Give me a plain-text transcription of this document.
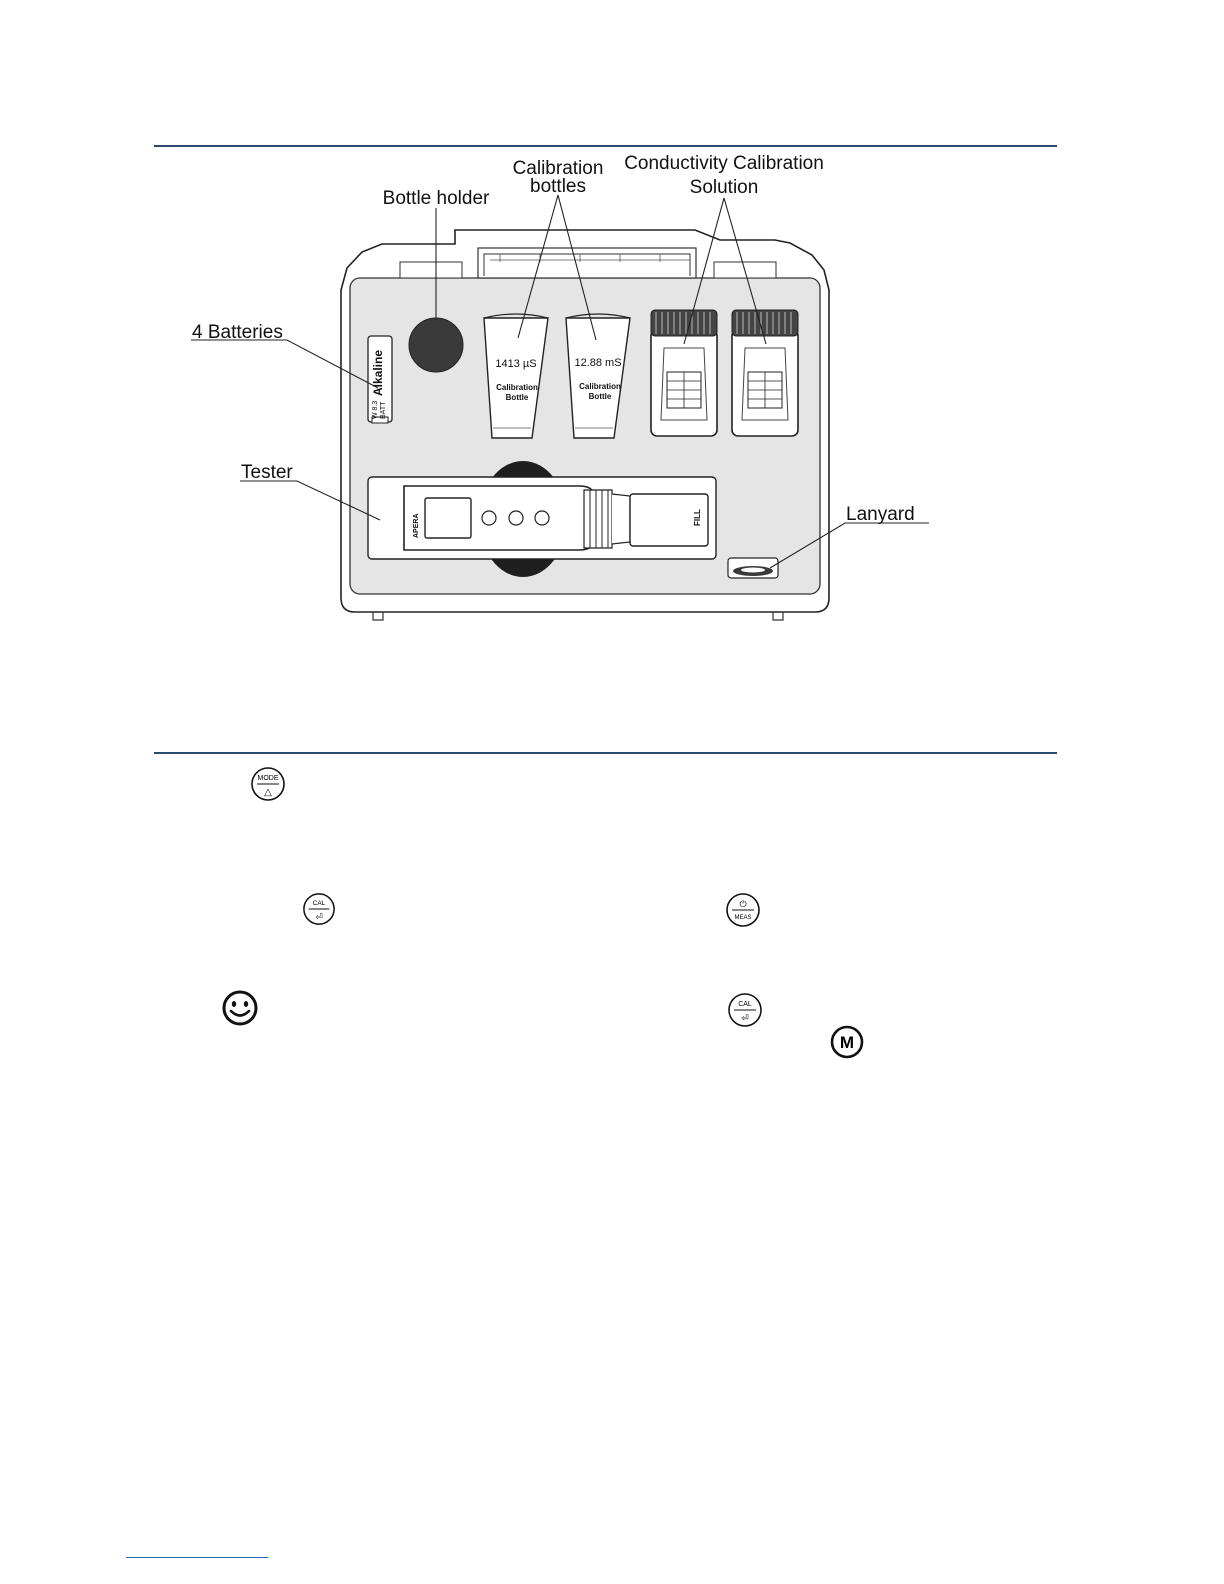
Alkaline
W 8.3 BATT
1413 µS
Calibration
Bottle
12.88 mS
Calibration
Bottle
APERA	FILL
Calibration
bottles
Conductivity Calibration
Solution
Bottle holder
4 Batteries
Tester
Lanyard
MODE
△
CAL
⏎
⏻
MEAS
CAL
⏎
M
